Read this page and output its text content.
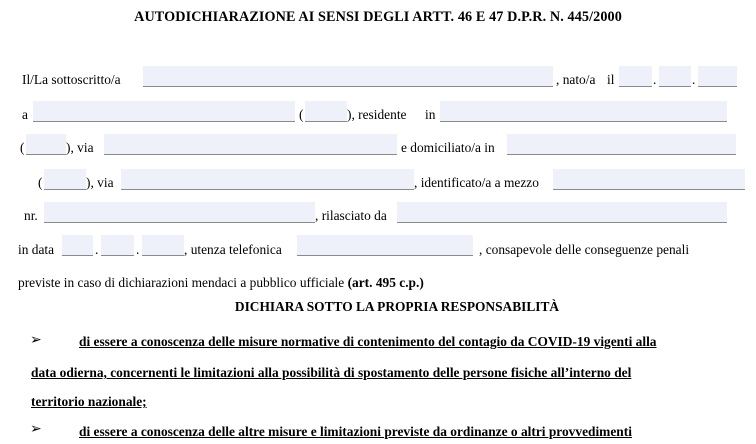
AUTODICHIARAZIONE AI SENSI DEGLI ARTT. 46 E 47 D.P.R. N. 445/2000
Il/La sottoscritto/a	, nato/a il	.	.
a	(	), residente in
(	), via	e domiciliato/a in
(	), via	, identificato/a a mezzo
nr.	, rilasciato da
in data	.	.	, utenza telefonica	, consapevole delle conseguenze penali
previste in caso di dichiarazioni mendaci a pubblico ufficiale (art. 495 c.p.)
DICHIARA SOTTO LA PROPRIA RESPONSABILITÀ
➢	di essere a conoscenza delle misure normative di contenimento del contagio da COVID-19 vigenti alla
data odierna, concernenti le limitazioni alla possibilità di spostamento delle persone fisiche all’interno del
territorio nazionale;
➢	di essere a conoscenza delle altre misure e limitazioni previste da ordinanze o altri provvedimenti
